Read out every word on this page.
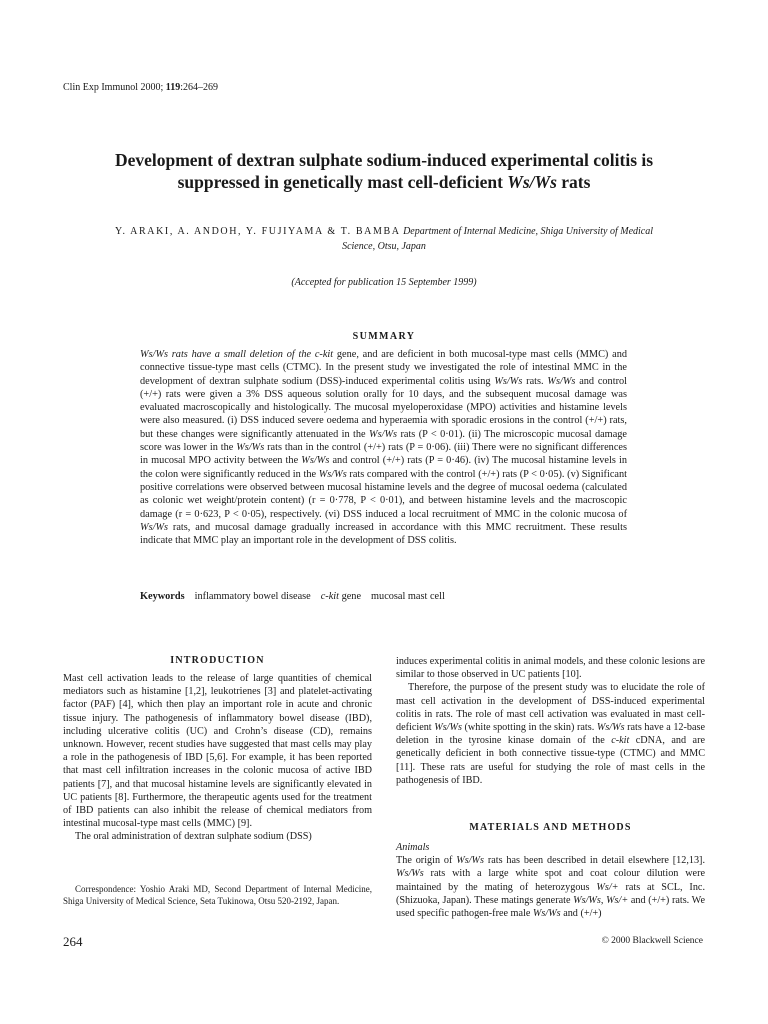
Clin Exp Immunol 2000; 119:264–269
Development of dextran sulphate sodium-induced experimental colitis is
suppressed in genetically mast cell-deficient Ws/Ws rats
Y. ARAKI, A. ANDOH, Y. FUJIYAMA & T. BAMBA Department of Internal Medicine, Shiga University of Medical
Science, Otsu, Japan
(Accepted for publication 15 September 1999)
SUMMARY

Ws/Ws rats have a small deletion of the c-kit gene, and are deficient in both mucosal-type mast cells (MMC) and connective tissue-type mast cells (CTMC). In the present study we investigated the role of intestinal MMC in the development of dextran sulphate sodium (DSS)-induced experimental colitis using Ws/Ws rats. Ws/Ws and control (+/+) rats were given a 3% DSS aqueous solution orally for 10 days, and the subsequent mucosal damage was evaluated macroscopically and histologically. The mucosal myeloperoxidase (MPO) activities and histamine levels were also measured. (i) DSS induced severe oedema and hyperaemia with sporadic erosions in the control (+/+) rats, but these changes were significantly attenuated in the Ws/Ws rats (P < 0·01). (ii) The microscopic mucosal damage score was lower in the Ws/Ws rats than in the control (+/+) rats (P = 0·06). (iii) There were no significant differences in mucosal MPO activity between the Ws/Ws and control (+/+) rats (P = 0·46). (iv) The mucosal histamine levels in the colon were significantly reduced in the Ws/Ws rats compared with the control (+/+) rats (P < 0·05). (v) Significant positive correlations were observed between mucosal histamine levels and the degree of mucosal oedema (calculated as colonic wet weight/protein content) (r = 0·778, P < 0·01), and between histamine levels and the macroscopic damage (r = 0·623, P < 0·05), respectively. (vi) DSS induced a local recruitment of MMC in the colonic mucosa of Ws/Ws rats, and mucosal damage gradually increased in accordance with this MMC recruitment. These results indicate that MMC play an important role in the development of DSS colitis.

Keywords inflammatory bowel disease c-kit gene mucosal mast cell
INTRODUCTION

Mast cell activation leads to the release of large quantities of chemical mediators such as histamine [1,2], leukotrienes [3] and platelet-activating factor (PAF) [4], which then play an important role in acute and chronic tissue injury. The pathogenesis of inflammatory bowel disease (IBD), including ulcerative colitis (UC) and Crohn’s disease (CD), remains unknown. However, recent studies have suggested that mast cells may play a role in the pathogenesis of IBD [5,6]. For example, it has been reported that mast cell infiltration increases in the colonic mucosa of active IBD patients [7], and that mucosal histamine levels are significantly elevated in UC patients [8]. Furthermore, the therapeutic agents used for the treatment of IBD patients can also inhibit the release of chemical mediators from intestinal mucosal-type mast cells (MMC) [9].

The oral administration of dextran sulphate sodium (DSS)

Correspondence: Yoshio Araki MD, Second Department of Internal Medicine, Shiga University of Medical Science, Seta Tukinowa, Otsu 520-2192, Japan.

induces experimental colitis in animal models, and these colonic lesions are similar to those observed in UC patients [10].

Therefore, the purpose of the present study was to elucidate the role of mast cell activation in the development of DSS-induced experimental colitis in rats. The role of mast cell activation was evaluated in mast cell-deficient Ws/Ws (white spotting in the skin) rats. Ws/Ws rats have a 12-base deletion in the tyrosine kinase domain of the c-kit cDNA, and are genetically deficient in both connective tissue-type (CTMC) and MMC [11]. These rats are useful for studying the role of mast cells in the pathogenesis of IBD.

MATERIALS AND METHODS

Animals

The origin of Ws/Ws rats has been described in detail elsewhere [12,13]. Ws/Ws rats with a large white spot and coat colour dilution were maintained by the mating of heterozygous Ws/+ rats at SCL, Inc. (Shizuoka, Japan). These matings generate Ws/Ws, Ws/+ and (+/+) rats. We used specific pathogen-free male Ws/Ws and (+/+)

264	© 2000 Blackwell Science
